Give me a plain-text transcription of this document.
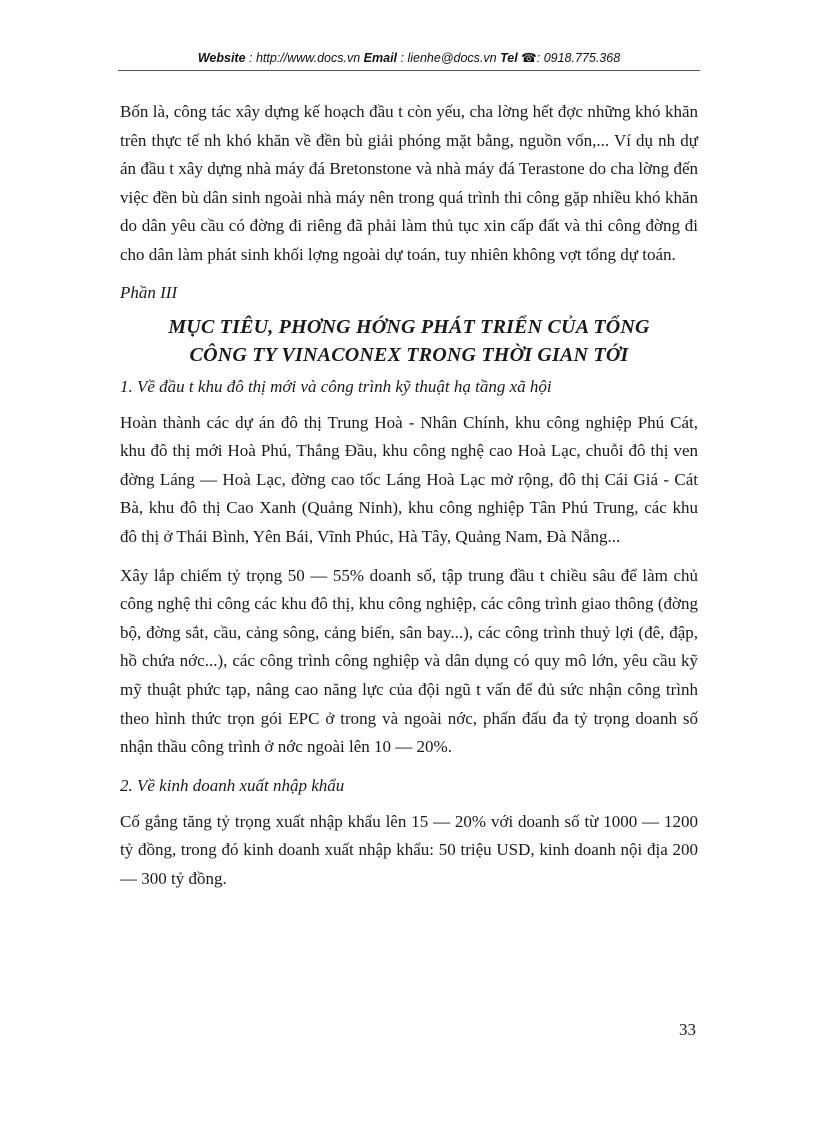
Website : http://www.docs.vn Email : lienhe@docs.vn Tel ☎: 0918.775.368

Bốn là, công tác xây dựng kế hoạch đầu t còn yếu, cha lờng hết đợc những khó khăn trên thực tế nh khó khăn về đền bù giải phóng mặt bằng, nguồn vốn,... Ví dụ nh dự án đầu t xây dựng nhà máy đá Bretonstone và nhà máy đá Terastone do cha lờng đến việc đền bù dân sinh ngoài nhà máy nên trong quá trình thi công gặp nhiều khó khăn do dân yêu cầu có đờng đi riêng đã phải làm thủ tục xin cấp đất và thi công đờng đi cho dân làm phát sinh khối lợng ngoài dự toán, tuy nhiên không vợt tổng dự toán.

Phần III
MỤC TIÊU, PHƠNG HỚNG PHÁT TRIỂN CỦA TỔNG
CÔNG TY VINACONEX TRONG THỜI GIAN TỚI
1. Về đầu t khu đô thị mới và công trình kỹ thuật hạ tầng xã hội

Hoàn thành các dự án đô thị Trung Hoà - Nhân Chính, khu công nghiệp Phú Cát, khu đô thị mới Hoà Phú, Thắng Đầu, khu công nghệ cao Hoà Lạc, chuỗi đô thị ven đờng Láng — Hoà Lạc, đờng cao tốc Láng Hoà Lạc mở rộng, đô thị Cái Giá - Cát Bà, khu đô thị Cao Xanh (Quảng Ninh), khu công nghiệp Tân Phú Trung, các khu đô thị ở Thái Bình, Yên Bái, Vĩnh Phúc, Hà Tây, Quảng Nam, Đà Nẵng...

Xây lắp chiếm tỷ trọng 50 — 55% doanh số, tập trung đầu t chiều sâu để làm chủ công nghệ thi công các khu đô thị, khu công nghiệp, các công trình giao thông (đờng bộ, đờng sắt, cầu, cảng sông, cảng biển, sân bay...), các công trình thuỷ lợi (đê, đập, hồ chứa nớc...), các công trình công nghiệp và dân dụng có quy mô lớn, yêu cầu kỹ mỹ thuật phức tạp, nâng cao năng lực của đội ngũ t vấn để đủ sức nhận công trình theo hình thức trọn gói EPC ở trong và ngoài nớc, phấn đấu đa tỷ trọng doanh số nhận thầu công trình ở nớc ngoài lên 10 — 20%.

2. Về kinh doanh xuất nhập khẩu

Cố gắng tăng tỷ trọng xuất nhập khẩu lên 15 — 20% với doanh số từ 1000 — 1200 tỷ đồng, trong đó kinh doanh xuất nhập khẩu: 50 triệu USD, kinh doanh nội địa 200 — 300 tỷ đồng.

33
